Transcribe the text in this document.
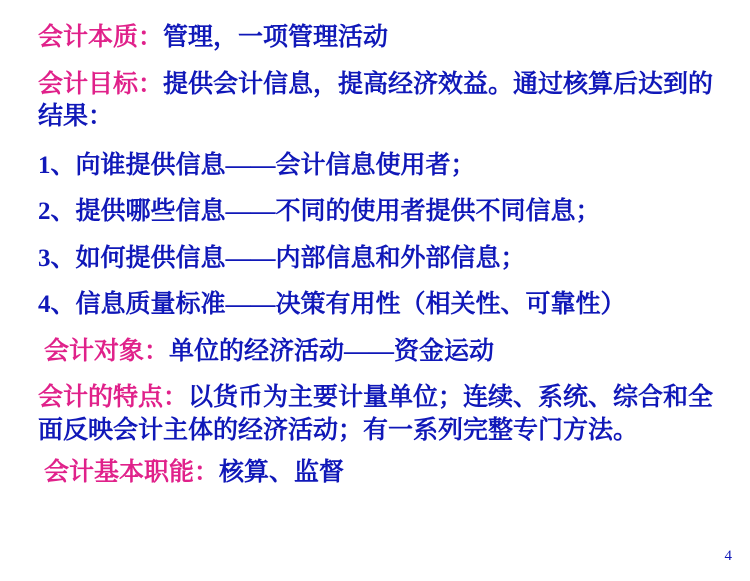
会计本质：管理，一项管理活动
会计目标：提供会计信息，提高经济效益。通过核算后达到的结果：
1、向谁提供信息——会计信息使用者；
2、提供哪些信息——不同的使用者提供不同信息；
3、如何提供信息——内部信息和外部信息；
4、信息质量标准——决策有用性（相关性、可靠性）
会计对象：单位的经济活动——资金运动
会计的特点：以货币为主要计量单位；连续、系统、综合和全面反映会计主体的经济活动；有一系列完整专门方法。
会计基本职能：核算、监督
4
